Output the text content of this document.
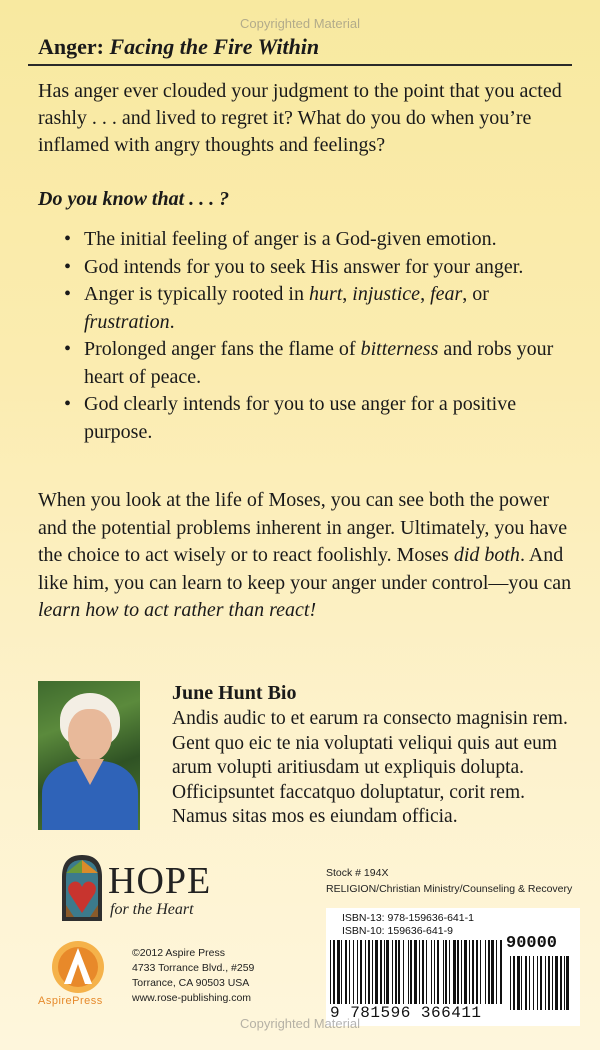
Copyrighted Material
Anger: Facing the Fire Within

Has anger ever clouded your judgment to the point that you acted rashly . . . and lived to regret it? What do you do when you’re inflamed with angry thoughts and feelings?

Do you know that . . . ?

• The initial feeling of anger is a God-given emotion.
• God intends for you to seek His answer for your anger.
• Anger is typically rooted in hurt, injustice, fear, or frustration.
• Prolonged anger fans the flame of bitterness and robs your heart of peace.
• God clearly intends for you to use anger for a positive purpose.

When you look at the life of Moses, you can see both the power and the potential problems inherent in anger. Ultimately, you have the choice to act wisely or to react foolishly. Moses did both. And like him, you can learn to keep your anger under control—you can learn how to act rather than react!

June Hunt Bio

Andis audic to et earum ra consecto magnisin rem. Gent quo eic te nia voluptati veliqui quis aut eum arum volupti aritiusdam ut expliquis dolupta. Officipsuntet faccatquo doluptatur, corit rem. Namus sitas mos es eiundam officia.

HOPE
for the Heart
AspirePress
©2012 Aspire Press
4733 Torrance Blvd., #259
Torrance, CA 90503 USA
www.rose-publishing.com
Stock # 194X
RELIGION/Christian Ministry/Counseling & Recovery
ISBN-13: 978-159636-641-1
ISBN-10: 159636-641-9
90000
9 781596 366411
Copyrighted Material
